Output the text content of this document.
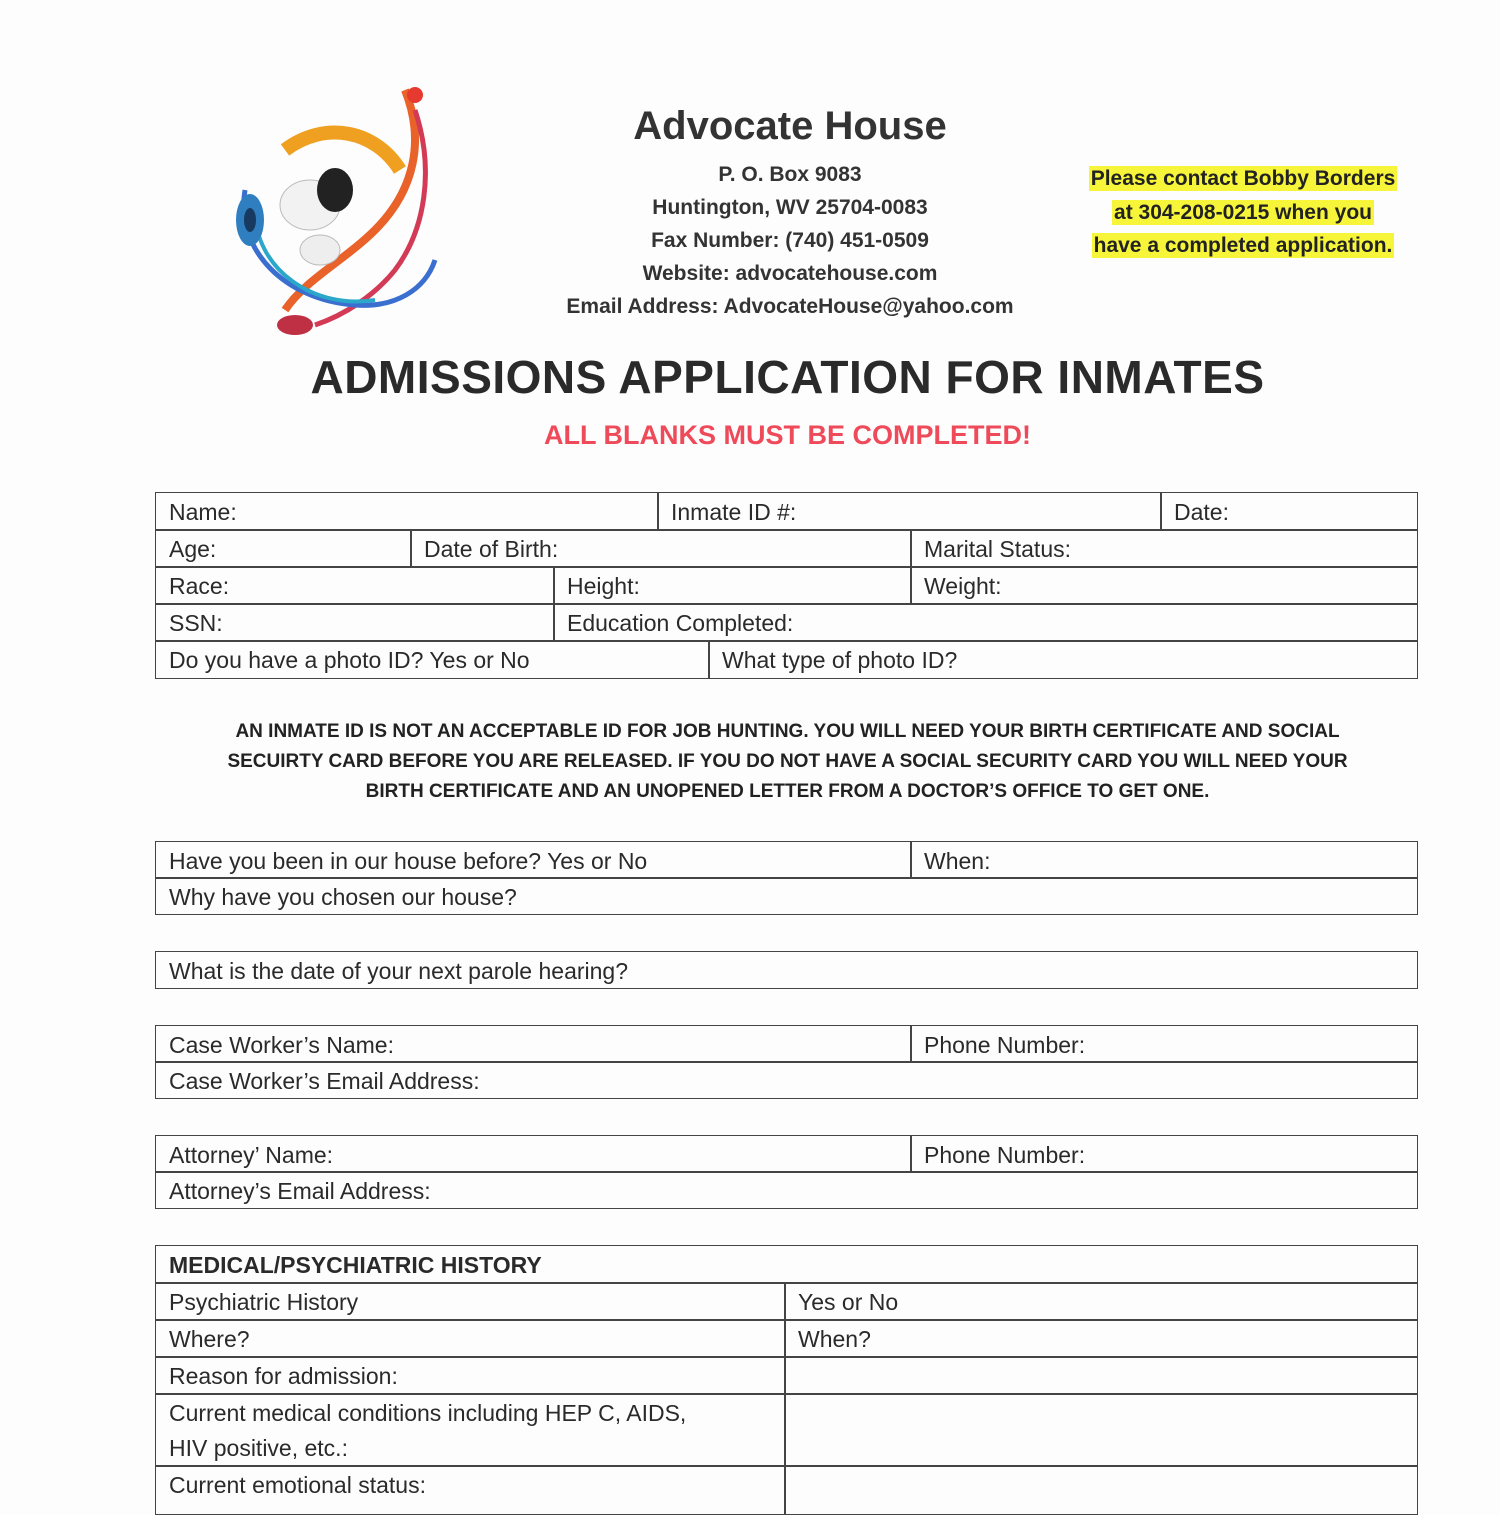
Advocate House
P. O. Box 9083
Huntington, WV 25704-0083
Fax Number: (740) 451-0509
Website: advocatehouse.com
Email Address: AdvocateHouse@yahoo.com
Please contact Bobby Borders
at 304-208-0215 when you
have a completed application.
ADMISSIONS APPLICATION FOR INMATES
ALL BLANKS MUST BE COMPLETED!
Name:	Inmate ID #:	Date:
Age:	Date of Birth:	Marital Status:
Race:	Height:	Weight:
SSN:	Education Completed:
Do you have a photo ID? Yes or No	What type of photo ID?
AN INMATE ID IS NOT AN ACCEPTABLE ID FOR JOB HUNTING. YOU WILL NEED YOUR BIRTH CERTIFICATE AND SOCIAL
SECUIRTY CARD BEFORE YOU ARE RELEASED. IF YOU DO NOT HAVE A SOCIAL SECURITY CARD YOU WILL NEED YOUR
BIRTH CERTIFICATE AND AN UNOPENED LETTER FROM A DOCTOR’S OFFICE TO GET ONE.
Have you been in our house before? Yes or No	When:
Why have you chosen our house?
What is the date of your next parole hearing?
Case Worker’s Name:	Phone Number:
Case Worker’s Email Address:
Attorney’ Name:	Phone Number:
Attorney’s Email Address:
MEDICAL/PSYCHIATRIC HISTORY
Psychiatric History	Yes or No
Where?	When?
Reason for admission:
Current medical conditions including HEP C, AIDS,
HIV positive, etc.:
Current emotional status:
